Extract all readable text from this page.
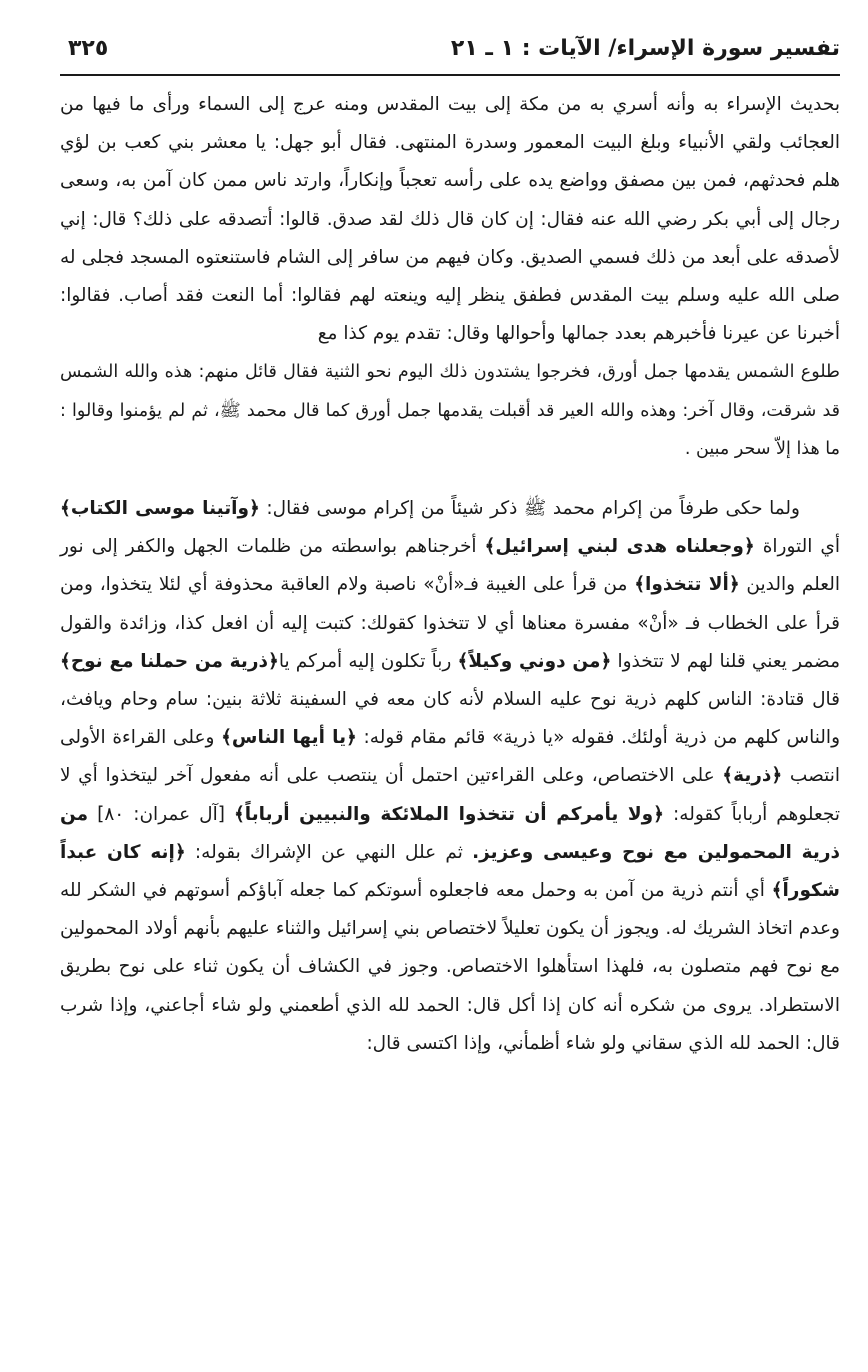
تفسير سورة الإسراء/ الآيات : ١ ـ ٢١
٣٢٥

بحديث الإسراء به وأنه أسري به من مكة إلى بيت المقدس ومنه عرج إلى السماء ورأى ما فيها من العجائب ولقي الأنبياء وبلغ البيت المعمور وسدرة المنتهى. فقال أبو جهل: يا معشر بني كعب بن لؤي هلم فحدثهم، فمن بين مصفق وواضع يده على رأسه تعجباً وإنكاراً، وارتد ناس ممن كان آمن به، وسعى رجال إلى أبي بكر رضي الله عنه فقال: إن كان قال ذلك لقد صدق. قالوا: أتصدقه على ذلك؟ قال: إني لأصدقه على أبعد من ذلك فسمي الصديق. وكان فيهم من سافر إلى الشام فاستنعتوه المسجد فجلى له صلى الله عليه وسلم بيت المقدس فطفق ينظر إليه وينعته لهم فقالوا: أما النعت فقد أصاب. فقالوا: أخبرنا عن عيرنا فأخبرهم بعدد جمالها وأحوالها وقال: تقدم يوم كذا مع

طلوع الشمس يقدمها جمل أورق، فخرجوا يشتدون ذلك اليوم نحو الثنية فقال قائل منهم: هذه والله الشمس قد شرقت، وقال آخر: وهذه والله العير قد أقبلت يقدمها جمل أورق كما قال محمد ﷺ، ثم لم يؤمنوا وقالوا : ما هذا إلاّ سحر مبين .

ولما حكى طرفاً من إكرام محمد ﷺ ذكر شيئاً من إكرام موسى فقال: ﴿وآتينا موسى الكتاب﴾ أي التوراة ﴿وجعلناه هدى لبني إسرائيل﴾ أخرجناهم بواسطته من ظلمات الجهل والكفر إلى نور العلم والدين ﴿ألا تتخذوا﴾ من قرأ على الغيبة فـ«أنْ» ناصبة ولام العاقبة محذوفة أي لئلا يتخذوا، ومن قرأ على الخطاب فـ «أنْ» مفسرة معناها أي لا تتخذوا كقولك: كتبت إليه أن افعل كذا، وزائدة والقول مضمر يعني قلنا لهم لا تتخذوا ﴿من دوني وكيلاً﴾ رباً تكلون إليه أمركم يا﴿ذرية من حملنا مع نوح﴾ قال قتادة: الناس كلهم ذرية نوح عليه السلام لأنه كان معه في السفينة ثلاثة بنين: سام وحام ويافث، والناس كلهم من ذرية أولئك. فقوله «يا ذرية» قائم مقام قوله: ﴿يا أيها الناس﴾ وعلى القراءة الأولى انتصب ﴿ذرية﴾ على الاختصاص، وعلى القراءتين احتمل أن ينتصب على أنه مفعول آخر ليتخذوا أي لا تجعلوهم أرباباً كقوله: ﴿ولا يأمركم أن تتخذوا الملائكة والنبيين أرباباً﴾ [آل عمران: ٨٠] من ذرية المحمولين مع نوح وعيسى وعزيز. ثم علل النهي عن الإشراك بقوله: ﴿إنه كان عبداً شكوراً﴾ أي أنتم ذرية من آمن به وحمل معه فاجعلوه أسوتكم كما جعله آباؤكم أسوتهم في الشكر لله وعدم اتخاذ الشريك له. ويجوز أن يكون تعليلاً لاختصاص بني إسرائيل والثناء عليهم بأنهم أولاد المحمولين مع نوح فهم متصلون به، فلهذا استأهلوا الاختصاص. وجوز في الكشاف أن يكون ثناء على نوح بطريق الاستطراد. يروى من شكره أنه كان إذا أكل قال: الحمد لله الذي أطعمني ولو شاء أجاعني، وإذا شرب قال: الحمد لله الذي سقاني ولو شاء أظمأني، وإذا اكتسى قال:
